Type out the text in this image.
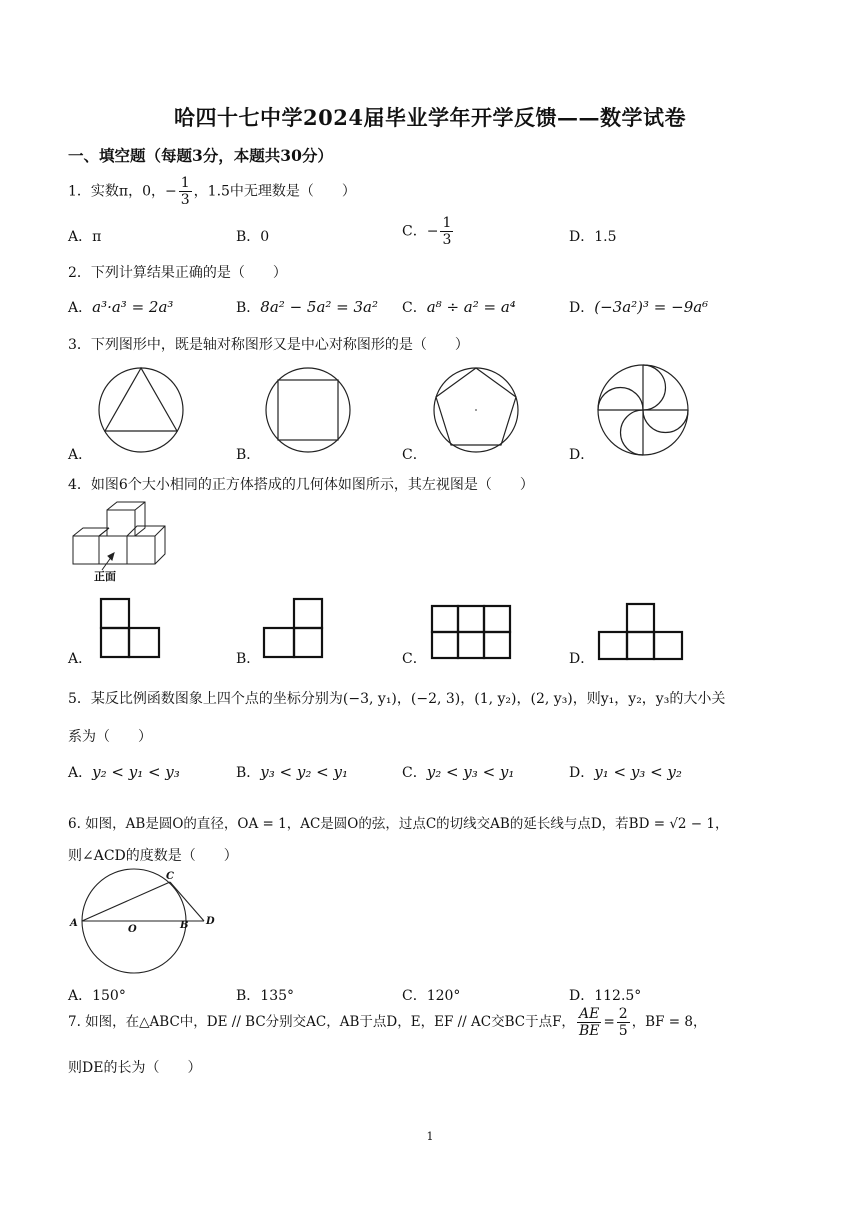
哈四十七中学2024届毕业学年开学反馈——数学试卷
一、填空题（每题3分，本题共30分）
1．实数π，0，− $\frac{1}{3}$ ，1.5中无理数是（　　）
A．π	B．0	C．− $\frac{1}{3}$	D．1.5
2．下列计算结果正确的是（　　）
A．a³·a³ = 2a³	B．8a² − 5a² = 3a² C．a⁸ ÷ a² = a⁴	D．(−3a²)³ = −9a⁶
3．下列图形中，既是轴对称图形又是中心对称图形的是（　　）
A．	B．	C．	D．
4．如图6个大小相同的正方体搭成的几何体如图所示，其左视图是（　　）
正面
A．	B．	C．	D．
5．某反比例函数图象上四个点的坐标分别为(−3, y₁)，(−2, 3)，(1, y₂)，(2, y₃)，则y₁，y₂，y₃的大小关
系为（　　）
A．y₂ < y₁ < y₃	B．y₃ < y₂ < y₁	C．y₂ < y₃ < y₁	D．y₁ < y₃ < y₂
6. 如图，AB是圆O的直径，OA = 1，AC是圆O的弦，过点C的切线交AB的延长线与点D，若BD = √2 − 1，
则∠ACD的度数是（　　）
A
O	B
C
D
A．150°	B．135°	C．120°	D．112.5°
7. 如图，在△ABC中，DE // BC分别交AC，AB于点D，E，EF // AC交BC于点F， $\frac{AE}{BE} = \frac{2}{5}$ ，BF = 8，
则DE的长为（　　）
1
